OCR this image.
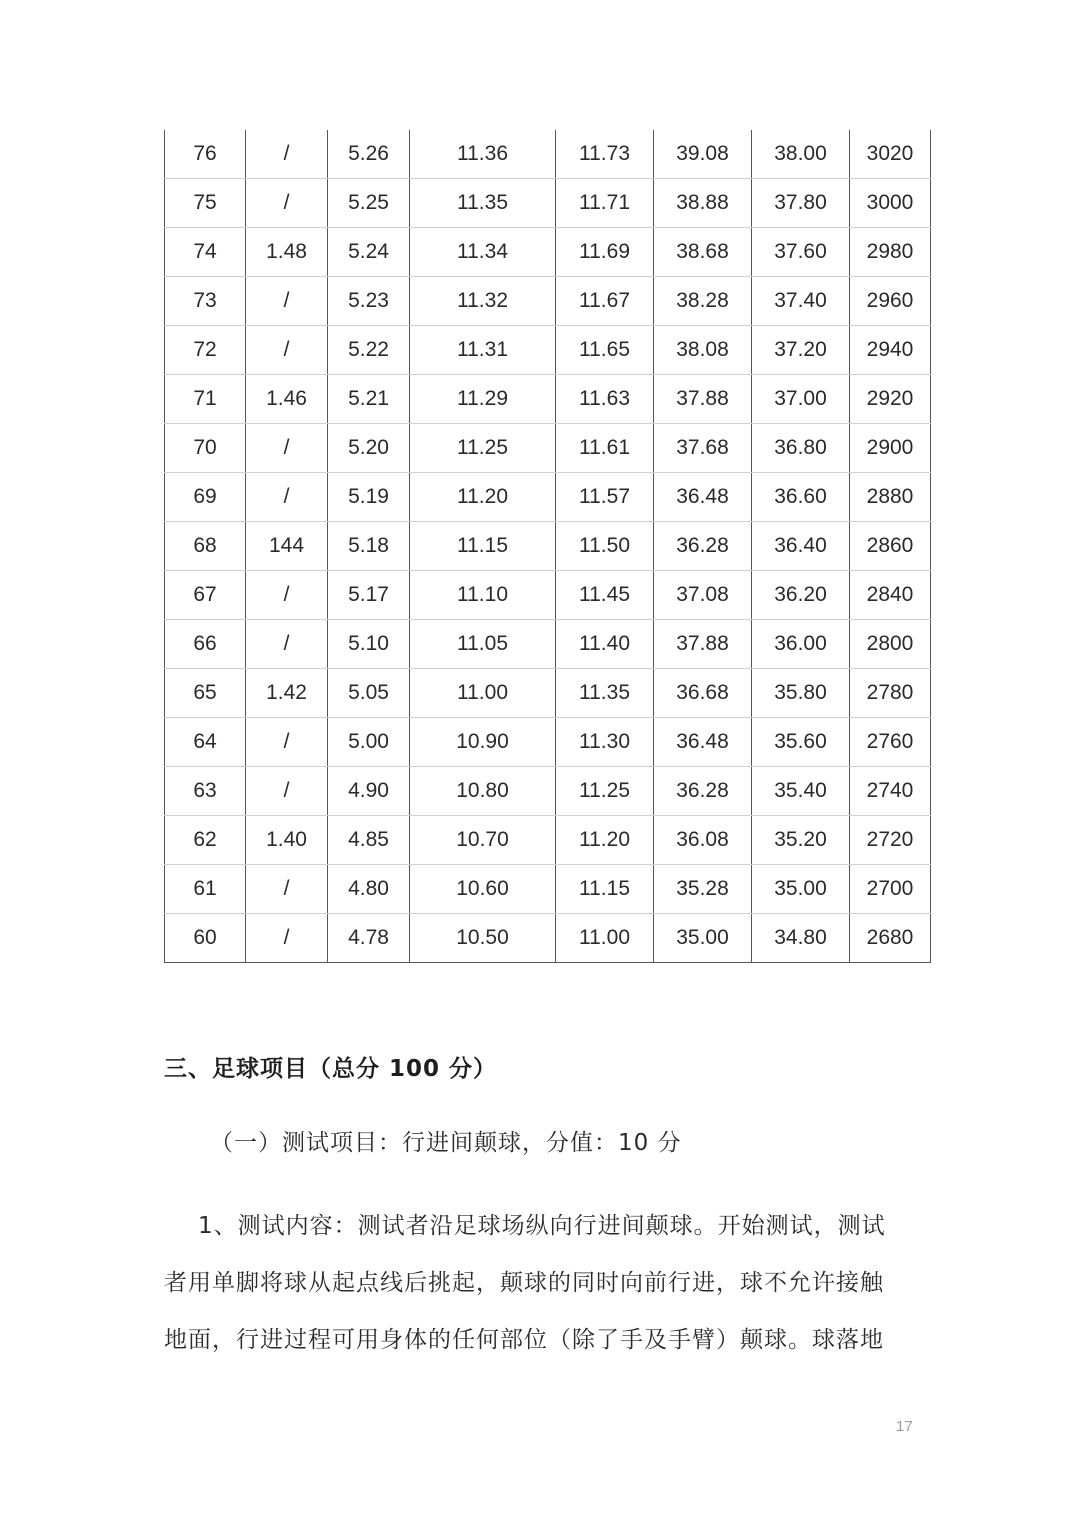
76	/	5.26	11.36	11.73	39.08	38.00	3020
75	/	5.25	11.35	11.71	38.88	37.80	3000
74	1.48	5.24	11.34	11.69	38.68	37.60	2980
73	/	5.23	11.32	11.67	38.28	37.40	2960
72	/	5.22	11.31	11.65	38.08	37.20	2940
71	1.46	5.21	11.29	11.63	37.88	37.00	2920
70	/	5.20	11.25	11.61	37.68	36.80	2900
69	/	5.19	11.20	11.57	36.48	36.60	2880
68	144	5.18	11.15	11.50	36.28	36.40	2860
67	/	5.17	11.10	11.45	37.08	36.20	2840
66	/	5.10	11.05	11.40	37.88	36.00	2800
65	1.42	5.05	11.00	11.35	36.68	35.80	2780
64	/	5.00	10.90	11.30	36.48	35.60	2760
63	/	4.90	10.80	11.25	36.28	35.40	2740
62	1.40	4.85	10.70	11.20	36.08	35.20	2720
61	/	4.80	10.60	11.15	35.28	35.00	2700
60	/	4.78	10.50	11.00	35.00	34.80	2680
三、足球项目（总分 100 分）
（一）测试项目：行进间颠球，分值：10 分

1、测试内容：测试者沿足球场纵向行进间颠球。开始测试，测试
者用单脚将球从起点线后挑起，颠球的同时向前行进，球不允许接触
地面，行进过程可用身体的任何部位（除了手及手臂）颠球。球落地

17
